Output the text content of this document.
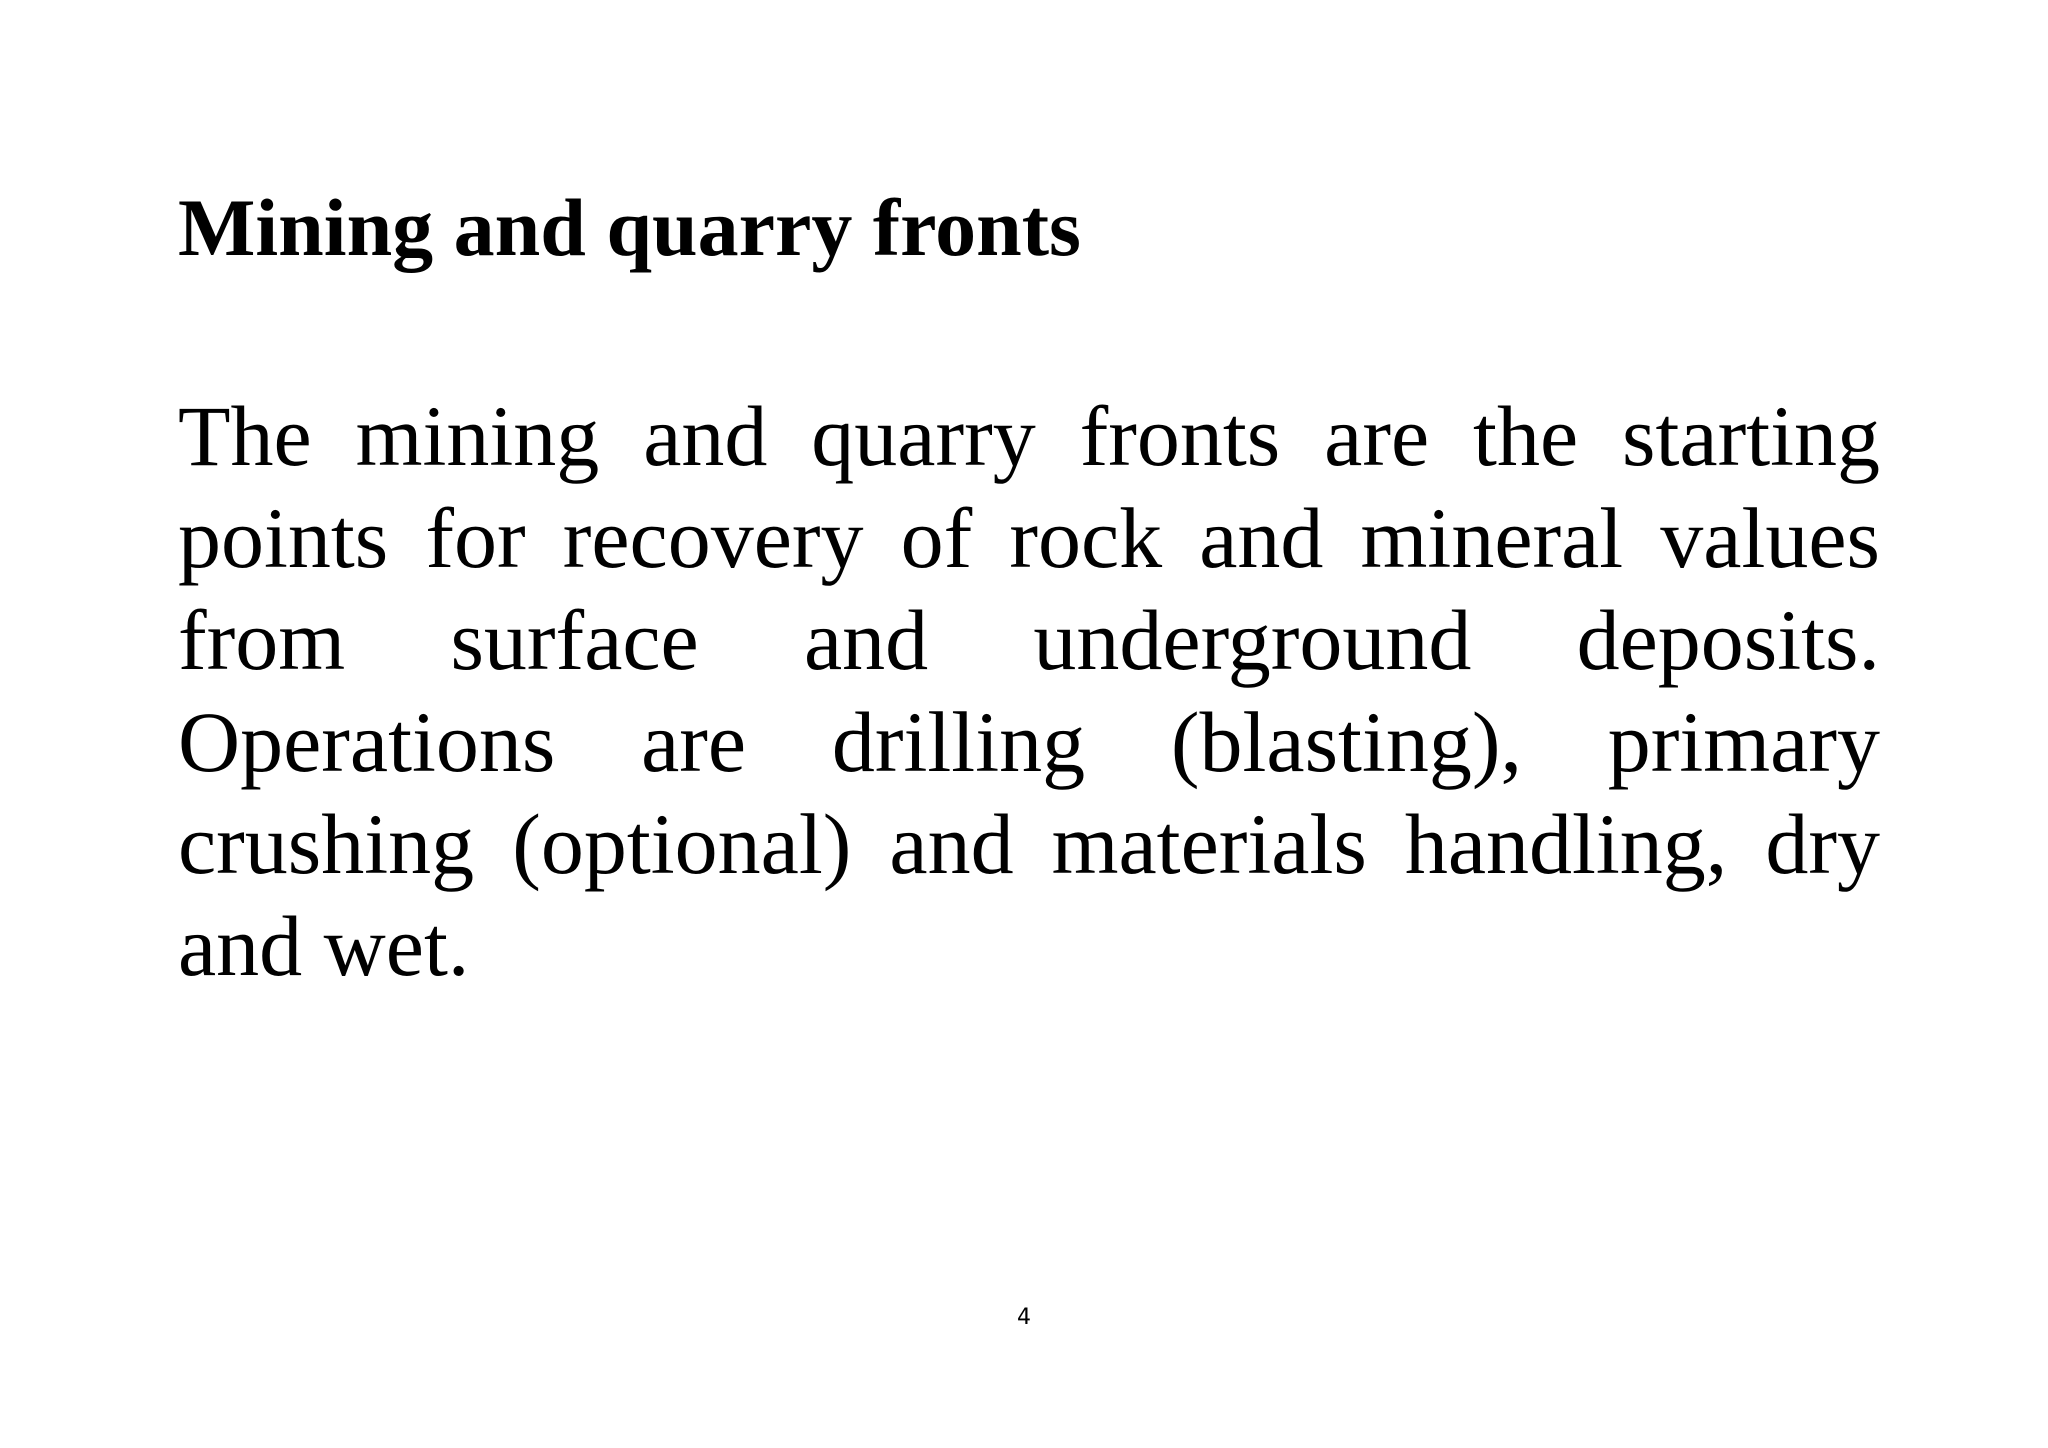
Mining and quarry fronts
The mining and quarry fronts are the starting
points for recovery of rock and mineral values
from surface and underground deposits.
Operations are drilling (blasting), primary
crushing (optional) and materials handling, dry
and wet.
4
